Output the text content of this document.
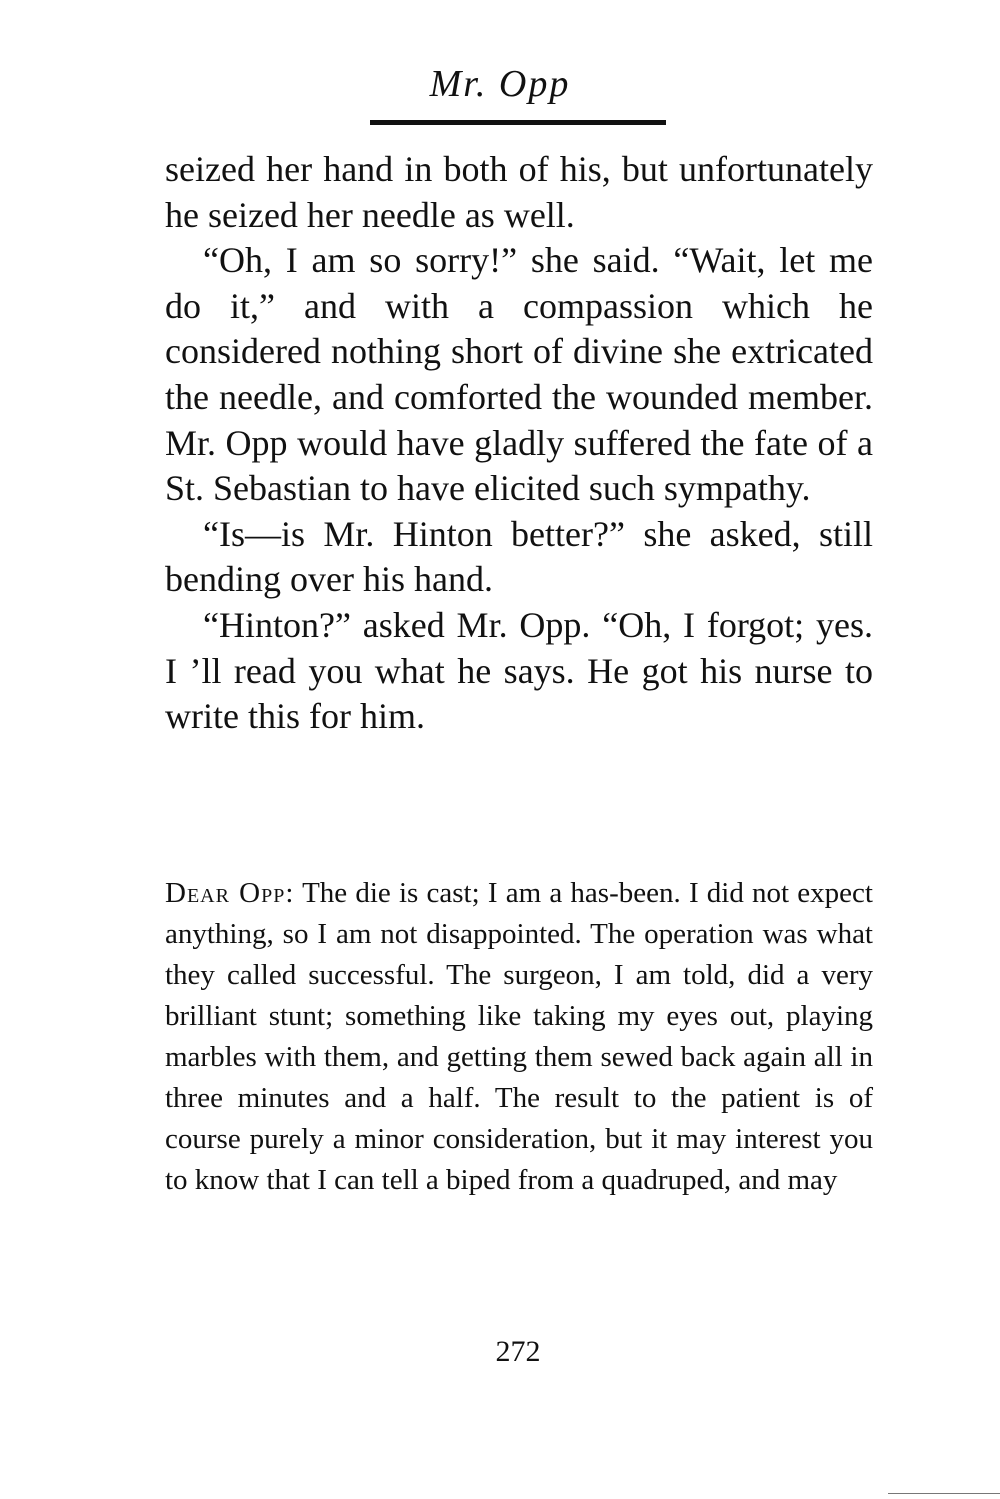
Mr. Opp

seized her hand in both of his, but unfortunately he seized her needle as well.

“Oh, I am so sorry!” she said. “Wait, let me do it,” and with a compassion which he considered nothing short of divine she extricated the needle, and comforted the wounded member. Mr. Opp would have gladly suffered the fate of a St. Sebastian to have elicited such sympathy.

“Is—is Mr. Hinton better?” she asked, still bending over his hand.

“Hinton?” asked Mr. Opp. “Oh, I forgot; yes. I ’ll read you what he says. He got his nurse to write this for him.

Dear Opp: The die is cast; I am a has-been. I did not expect anything, so I am not disappointed. The operation was what they called successful. The surgeon, I am told, did a very brilliant stunt; something like taking my eyes out, playing marbles with them, and getting them sewed back again all in three minutes and a half. The result to the patient is of course purely a minor consideration, but it may interest you to know that I can tell a biped from a quadruped, and may

272
